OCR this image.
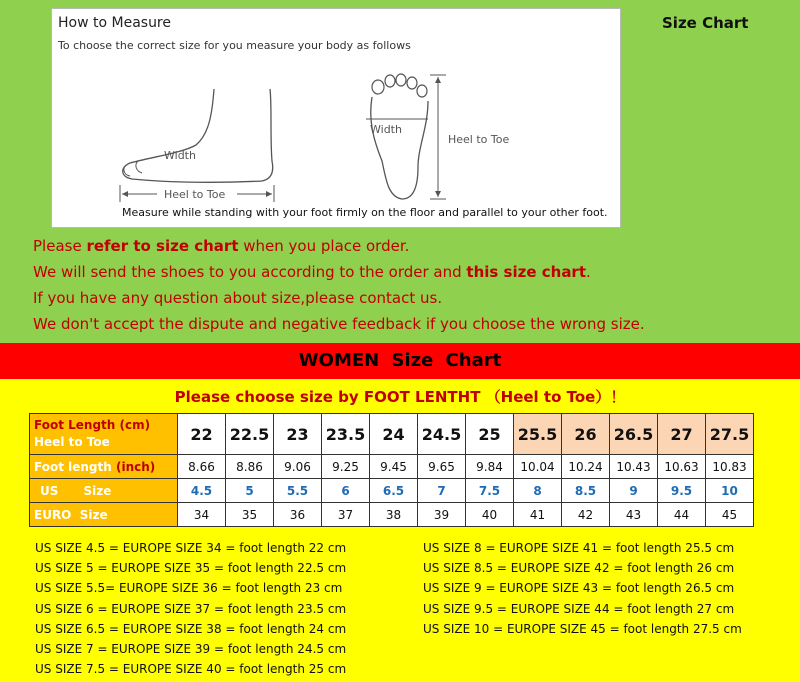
How to Measure
To choose the correct size for you measure your body as follows
Heel to Toe
Width
Width
Heel to Toe
Measure while standing with your foot firmly on the floor and parallel to your other foot.
Size Chart
Please refer to size chart when you place order.
We will send the shoes to you according to the order and this size chart.
If you have any question about size,please contact us.
We don't accept the dispute and negative feedback if you choose the wrong size.
WOMEN Size Chart
Please choose size by FOOT LENTHT （Heel to Toe）！
Foot Length (cm)
Heel to Toe	22	22.5	23	23.5	24	24.5	25	25.5	26	26.5	27	27.5
Foot length (inch)	8.66	8.86	9.06	9.25	9.45	9.65	9.84	10.04	10.24	10.43	10.63	10.83
US      Size	4.5	5	5.5	6	6.5	7	7.5	8	8.5	9	9.5	10
EURO  Size	34	35	36	37	38	39	40	41	42	43	44	45
US SIZE 4.5 = EUROPE SIZE 34 = foot length 22 cm
US SIZE 5 = EUROPE SIZE 35 = foot length 22.5 cm
US SIZE 5.5= EUROPE SIZE 36 = foot length 23 cm
US SIZE 6 = EUROPE SIZE 37 = foot length 23.5 cm
US SIZE 6.5 = EUROPE SIZE 38 = foot length 24 cm
US SIZE 7 = EUROPE SIZE 39 = foot length 24.5 cm
US SIZE 7.5 = EUROPE SIZE 40 = foot length 25 cm
US SIZE 8 = EUROPE SIZE 41 = foot length 25.5 cm
US SIZE 8.5 = EUROPE SIZE 42 = foot length 26 cm
US SIZE 9 = EUROPE SIZE 43 = foot length 26.5 cm
US SIZE 9.5 = EUROPE SIZE 44 = foot length 27 cm
US SIZE 10 = EUROPE SIZE 45 = foot length 27.5 cm
